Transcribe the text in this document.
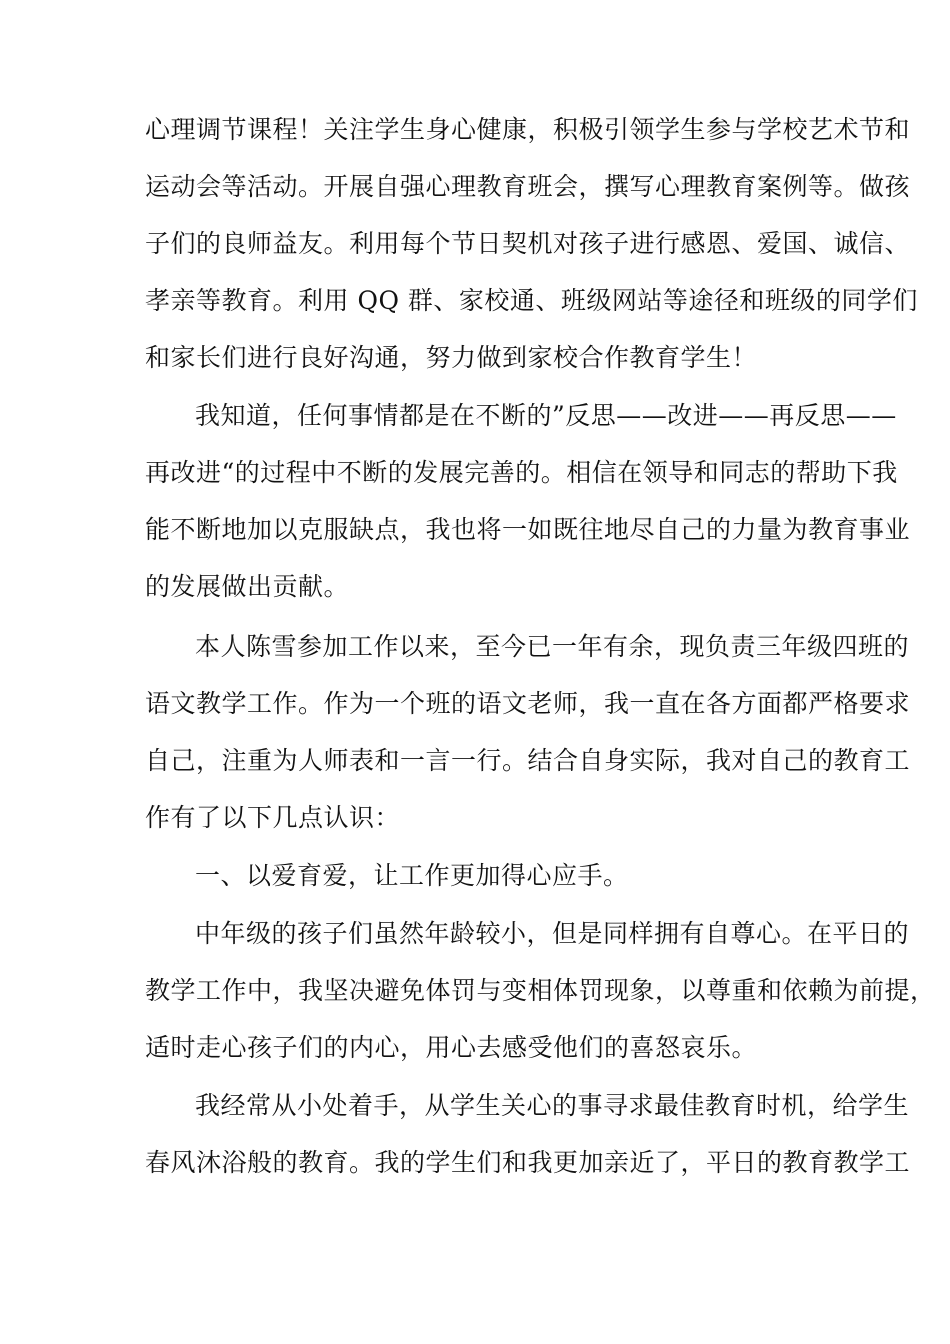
心理调节课程！关注学生身心健康，积极引领学生参与学校艺术节和
运动会等活动。开展自强心理教育班会，撰写心理教育案例等。做孩
子们的良师益友。利用每个节日契机对孩子进行感恩、爱国、诚信、
孝亲等教育。利用 QQ 群、家校通、班级网站等途径和班级的同学们
和家长们进行良好沟通，努力做到家校合作教育学生！
我知道，任何事情都是在不断的”反思——改进——再反思——
再改进“的过程中不断的发展完善的。相信在领导和同志的帮助下我
能不断地加以克服缺点，我也将一如既往地尽自己的力量为教育事业
的发展做出贡献。
本人陈雪参加工作以来，至今已一年有余，现负责三年级四班的
语文教学工作。作为一个班的语文老师，我一直在各方面都严格要求
自己，注重为人师表和一言一行。结合自身实际，我对自己的教育工
作有了以下几点认识：
一、以爱育爱，让工作更加得心应手。
中年级的孩子们虽然年龄较小，但是同样拥有自尊心。在平日的
教学工作中，我坚决避免体罚与变相体罚现象，以尊重和依赖为前提，
适时走心孩子们的内心，用心去感受他们的喜怒哀乐。
我经常从小处着手，从学生关心的事寻求最佳教育时机，给学生
春风沐浴般的教育。我的学生们和我更加亲近了，平日的教育教学工
